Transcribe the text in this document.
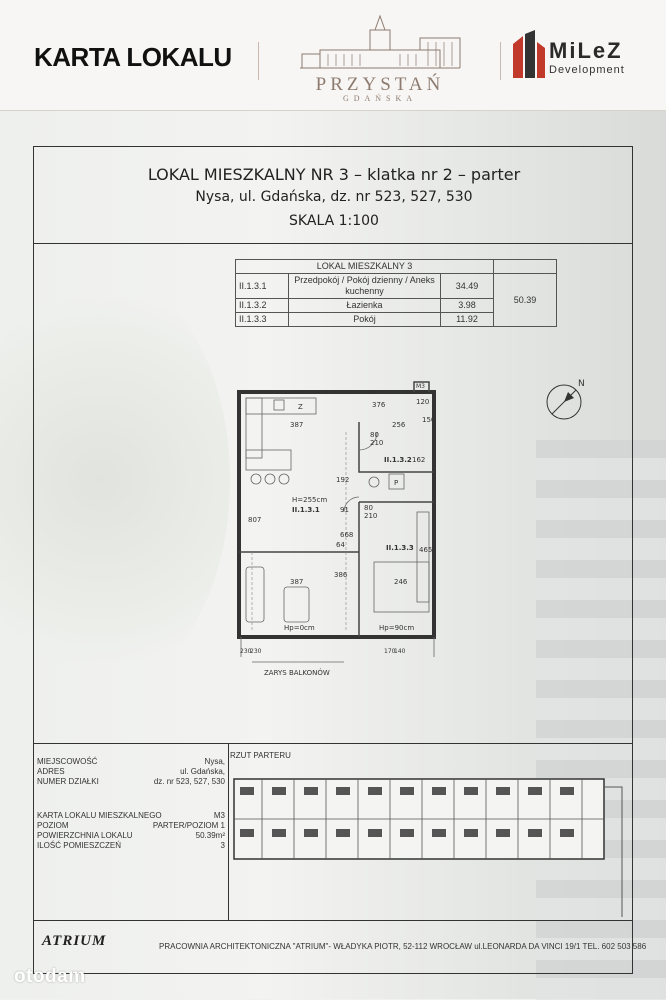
KARTA LOKALU
PRZYSTAŃ
GDAŃSKA
MiLeZ
Development
LOKAL MIESZKALNY NR 3 – klatka nr 2 – parter
Nysa, ul. Gdańska, dz. nr 523, 527, 530
SKALA 1:100
LOKAL MIESZKALNY 3			
II.1.3.1	Przedpokój / Pokój dzienny / Aneks kuchenny	34.49	50.39
II.1.3.2	Łazienka	3.98	
II.1.3.3	Pokój	11.92	
387
376
256
387
192
807
668
386
64
91
246
80
210
80
210
162
465
120
150
H=255cm
II.1.3.1
II.1.3.2
II.1.3.3
Hp=0cm	Hp=90cm
ZARYS BALKONÓW
M3
Z
P
230
230	170
140
N
MIEJSCOWOŚĆ	Nysa,
ADRES	ul. Gdańska,
NUMER DZIAŁKI	dz. nr 523, 527, 530
KARTA LOKALU MIESZKALNEGO	M3
POZIOM	PARTER/POZIOM 1
POWIERZCHNIA LOKALU	50.39m²
ILOŚĆ POMIESZCZEŃ	3
RZUT PARTERU
ATRIUM	PRACOWNIA ARCHITEKTONICZNA "ATRIUM"- WŁADYKA PIOTR, 52-112 WROCŁAW ul.LEONARDA DA VINCI 19/1 TEL. 602 503 586
otodam
